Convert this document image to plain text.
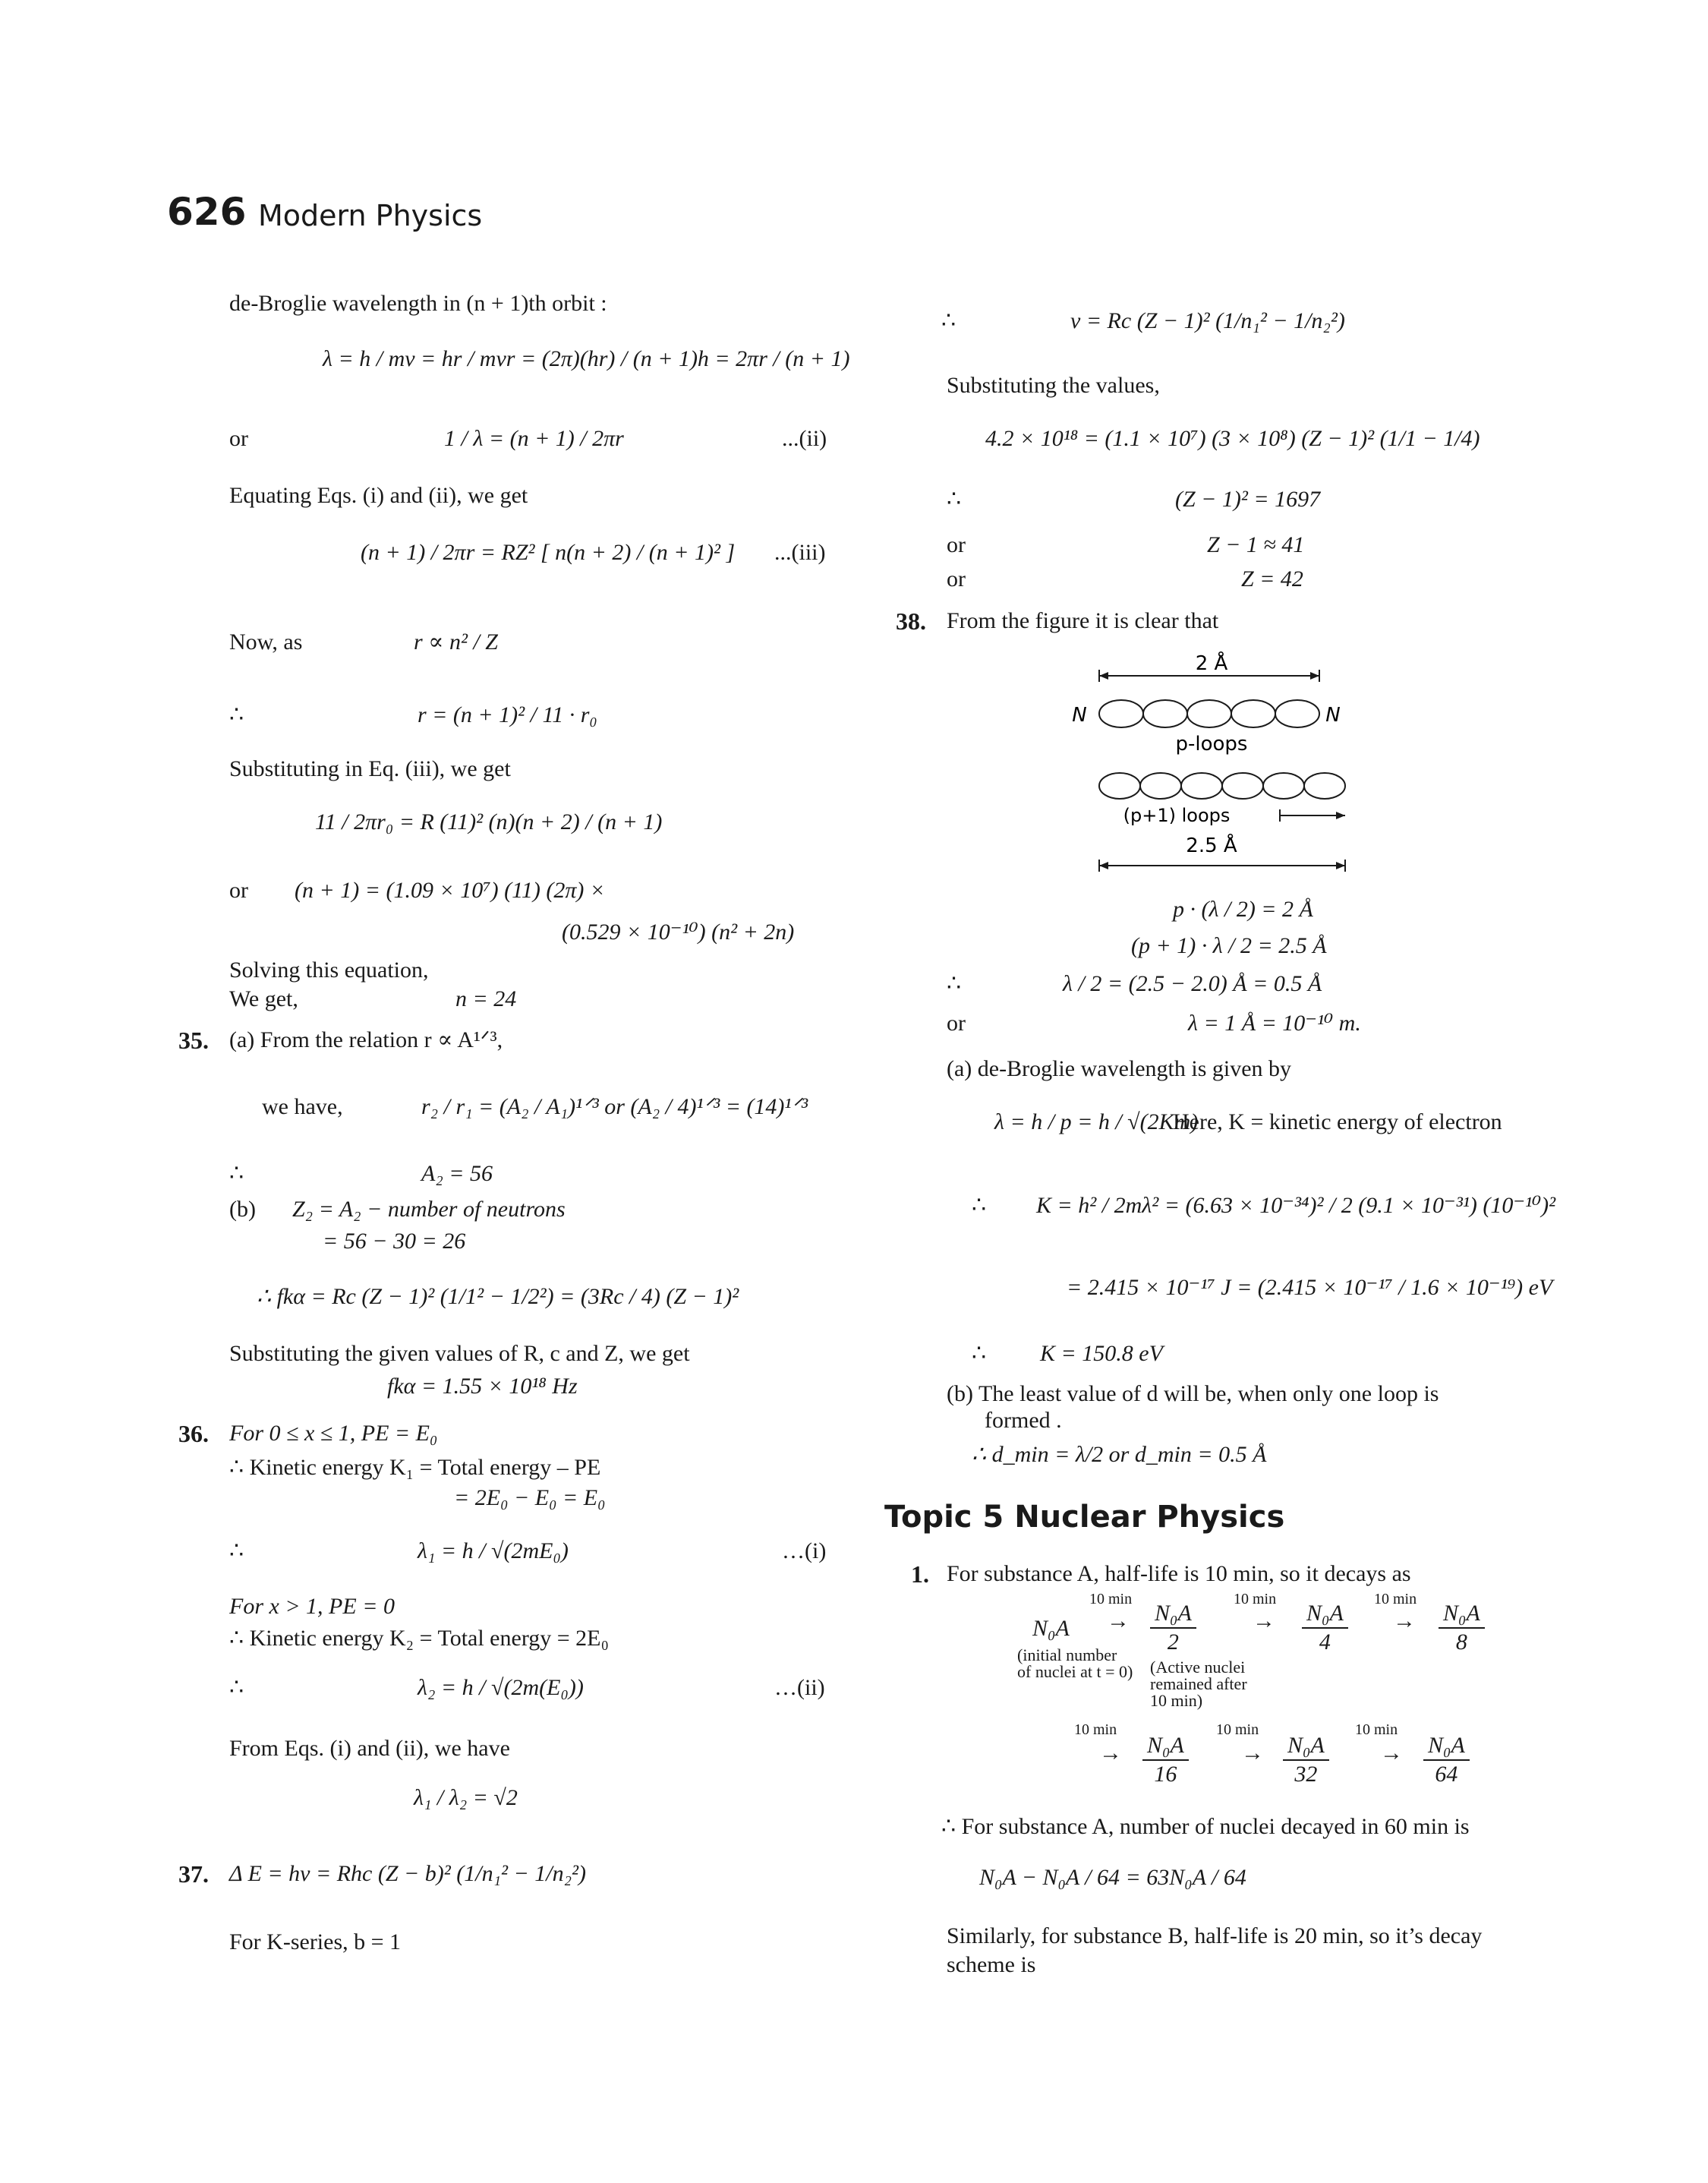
626 Modern Physics
de-Broglie wavelength in (n + 1)th orbit :
λ = h / mv = hr / mvr = (2π)(hr) / (n + 1)h = 2πr / (n + 1)
or	1 / λ = (n + 1) / 2πr	...(ii)
Equating Eqs. (i) and (ii), we get
(n + 1) / 2πr = RZ² [ n(n + 2) / (n + 1)² ] ...(iii)
Now, as	r ∝ n² / Z
∴	r = (n + 1)² / 11 · r₀
Substituting in Eq. (iii), we get
11 / 2πr₀ = R (11)² (n)(n + 2) / (n + 1)
or (n + 1) = (1.09 × 10⁷) (11) (2π) ×
(0.529 × 10⁻¹⁰) (n² + 2n)
Solving this equation,
We get,	n = 24
35. (a) From the relation r ∝ A¹ᐟ³,
we have,	r₂ / r₁ = (A₂ / A₁)¹ᐟ³ or (A₂ / 4)¹ᐟ³ = (14)¹ᐟ³
∴	A₂ = 56
(b) Z₂ = A₂ − number of neutrons
= 56 − 30 = 26
∴ fkα = Rc (Z − 1)² (1/1² − 1/2²) = (3Rc / 4) (Z − 1)²
Substituting the given values of R, c and Z, we get
fkα = 1.55 × 10¹⁸ Hz
36. For 0 ≤ x ≤ 1, PE = E₀
∴ Kinetic energy K₁ = Total energy – PE
= 2E₀ − E₀ = E₀
∴	λ₁ = h / √(2mE₀)	…(i)
For x > 1, PE = 0
∴ Kinetic energy K₂ = Total energy = 2E₀
∴	λ₂ = h / √(2m(E₀))	…(ii)
From Eqs. (i) and (ii), we have
λ₁ / λ₂ = √2
37. Δ E = hν = Rhc (Z − b)² (1/n₁² − 1/n₂²)
For K-series, b = 1
∴	ν = Rc (Z − 1)² (1/n₁² − 1/n₂²)
Substituting the values,
4.2 × 10¹⁸ = (1.1 × 10⁷) (3 × 10⁸) (Z − 1)² (1/1 − 1/4)
∴	(Z − 1)² = 1697
or	Z − 1 ≈ 41
or	Z = 42
38. From the figure it is clear that
2 Å
N	N
p-loops
(p+1) loops
2.5 Å
p · (λ / 2) = 2 Å
(p + 1) · λ / 2 = 2.5 Å
∴	λ / 2 = (2.5 − 2.0) Å = 0.5 Å
or	λ = 1 Å = 10⁻¹⁰ m.
(a) de-Broglie wavelength is given by
λ = h / p = h / √(2Km)
Here, K = kinetic energy of electron
∴ K = h² / 2mλ² = (6.63 × 10⁻³⁴)² / 2 (9.1 × 10⁻³¹) (10⁻¹⁰)²
= 2.415 × 10⁻¹⁷ J = (2.415 × 10⁻¹⁷ / 1.6 × 10⁻¹⁹) eV
∴ K = 150.8 eV
(b) The least value of d will be, when only one loop is
formed .
∴ d_min = λ/2 or d_min = 0.5 Å
Topic 5 Nuclear Physics
1. For substance A, half-life is 10 min, so it decays as
10 min
→
10 min
→
10 min
→
N₀A
(initial number
of nuclei at t = 0)
$\frac{\text{N₀A}}{2}$
(Active nuclei
remained after
10 min)
$\frac{\text{N₀A}}{4}$	$\frac{\text{N₀A}}{8}$
10 min
→ $\frac{\text{N₀A}}{16}$
10 min
→ $\frac{\text{N₀A}}{32}$
10 min
→ $\frac{\text{N₀A}}{64}$
∴ For substance A, number of nuclei decayed in 60 min is
N₀A − N₀A / 64 = 63N₀A / 64
Similarly, for substance B, half-life is 20 min, so it’s decay
scheme is
